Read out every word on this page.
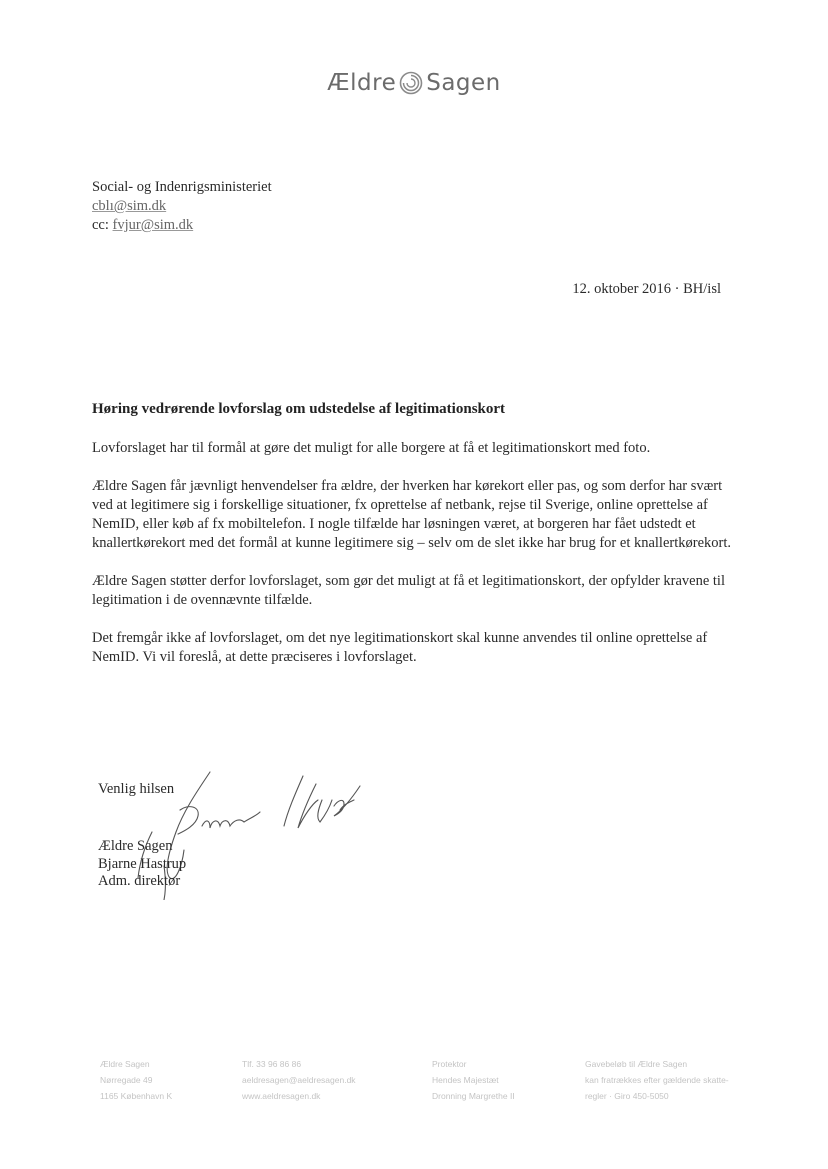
Ældre Sagen
Social- og Indenrigsministeriet
cblı@sim.dk
cc: fvjur@sim.dk
12. oktober 2016 · BH/isl
Høring vedrørende lovforslag om udstedelse af legitimationskort

Lovforslaget har til formål at gøre det muligt for alle borgere at få et legitimationskort med foto.

Ældre Sagen får jævnligt henvendelser fra ældre, der hverken har kørekort eller pas, og som derfor har svært ved at legitimere sig i forskellige situationer, fx oprettelse af netbank, rejse til Sverige, online oprettelse af NemID, eller køb af fx mobiltelefon. I nogle tilfælde har løsningen været, at borgeren har fået udstedt et knallertkørekort med det formål at kunne legitimere sig – selv om de slet ikke har brug for et knallertkørekort.

Ældre Sagen støtter derfor lovforslaget, som gør det muligt at få et legitimationskort, der opfylder kravene til legitimation i de ovennævnte tilfælde.

Det fremgår ikke af lovforslaget, om det nye legitimationskort skal kunne anvendes til online oprettelse af NemID. Vi vil foreslå, at dette præciseres i lovforslaget.

Venlig hilsen
Ældre Sagen
Bjarne Hastrup
Adm. direktør
Ældre Sagen
Nørregade 49
1165 København K
Tlf. 33 96 86 86
aeldresagen@aeldresagen.dk
www.aeldresagen.dk
Protektor
Hendes Majestæt
Dronning Margrethe II
Gavebeløb til Ældre Sagen
kan fratrækkes efter gældende skatte-
regler · Giro 450-5050
